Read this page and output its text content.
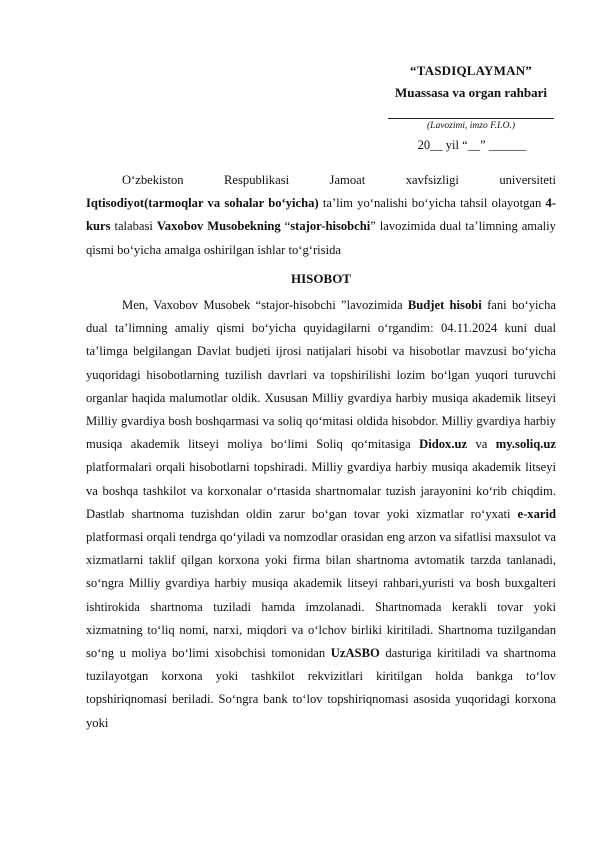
“TASDIQLAYMAN”
Muassasa va organ rahbari
(Lavozimi, imzo F.I.O.)
20__ yil “__” ______
O‘zbekiston Respublikasi Jamoat xavfsizligi universiteti
Iqtisodiyot(tarmoqlar va sohalar bo‘yicha) ta’lim yo‘nalishi bo‘yicha tahsil olayotgan 4-kurs talabasi Vaxobov Musobekning “stajor-hisobchi” lavozimida dual ta’limning amaliy qismi bo‘yicha amalga oshirilgan ishlar to‘g‘risida
HISOBOT
Men, Vaxobov Musobek “stajor-hisobchi ”lavozimida Budjet hisobi fani bo‘yicha dual ta’limning amaliy qismi bo‘yicha quyidagilarni o‘rgandim: 04.11.2024 kuni dual ta’limga belgilangan Davlat budjeti ijrosi natijalari hisobi va hisobotlar mavzusi bo‘yicha yuqoridagi hisobotlarning tuzilish davrlari va topshirilishi lozim bo‘lgan yuqori turuvchi organlar haqida malumotlar oldik. Xususan Milliy gvardiya harbiy musiqa akademik litseyi Milliy gvardiya bosh boshqarmasi va soliq qo‘mitasi oldida hisobdor. Milliy gvardiya harbiy musiqa akademik litseyi moliya bo‘limi Soliq qo‘mitasiga Didox.uz va my.soliq.uz platformalari orqali hisobotlarni topshiradi. Milliy gvardiya harbiy musiqa akademik litseyi va boshqa tashkilot va korxonalar o‘rtasida shartnomalar tuzish jarayonini ko‘rib chiqdim. Dastlab shartnoma tuzishdan oldin zarur bo‘gan tovar yoki xizmatlar ro‘yxati e-xarid platformasi orqali tendrga qo‘yiladi va nomzodlar orasidan eng arzon va sifatlisi maxsulot va xizmatlarni taklif qilgan korxona yoki firma bilan shartnoma avtomatik tarzda tanlanadi, so‘ngra Milliy gvardiya harbiy musiqa akademik litseyi rahbari,yuristi va bosh buxgalteri ishtirokida shartnoma tuziladi hamda imzolanadi. Shartnomada kerakli tovar yoki xizmatning to‘liq nomi, narxi, miqdori va o‘lchov birliki kiritiladi. Shartnoma tuzilgandan so‘ng u moliya bo‘limi xisobchisi tomonidan UzASBO dasturiga kiritiladi va shartnoma tuzilayotgan korxona yoki tashkilot rekvizitlari kiritilgan holda bankga to‘lov topshiriqnomasi beriladi. So‘ngra bank to‘lov topshiriqnomasi asosida yuqoridagi korxona yoki
